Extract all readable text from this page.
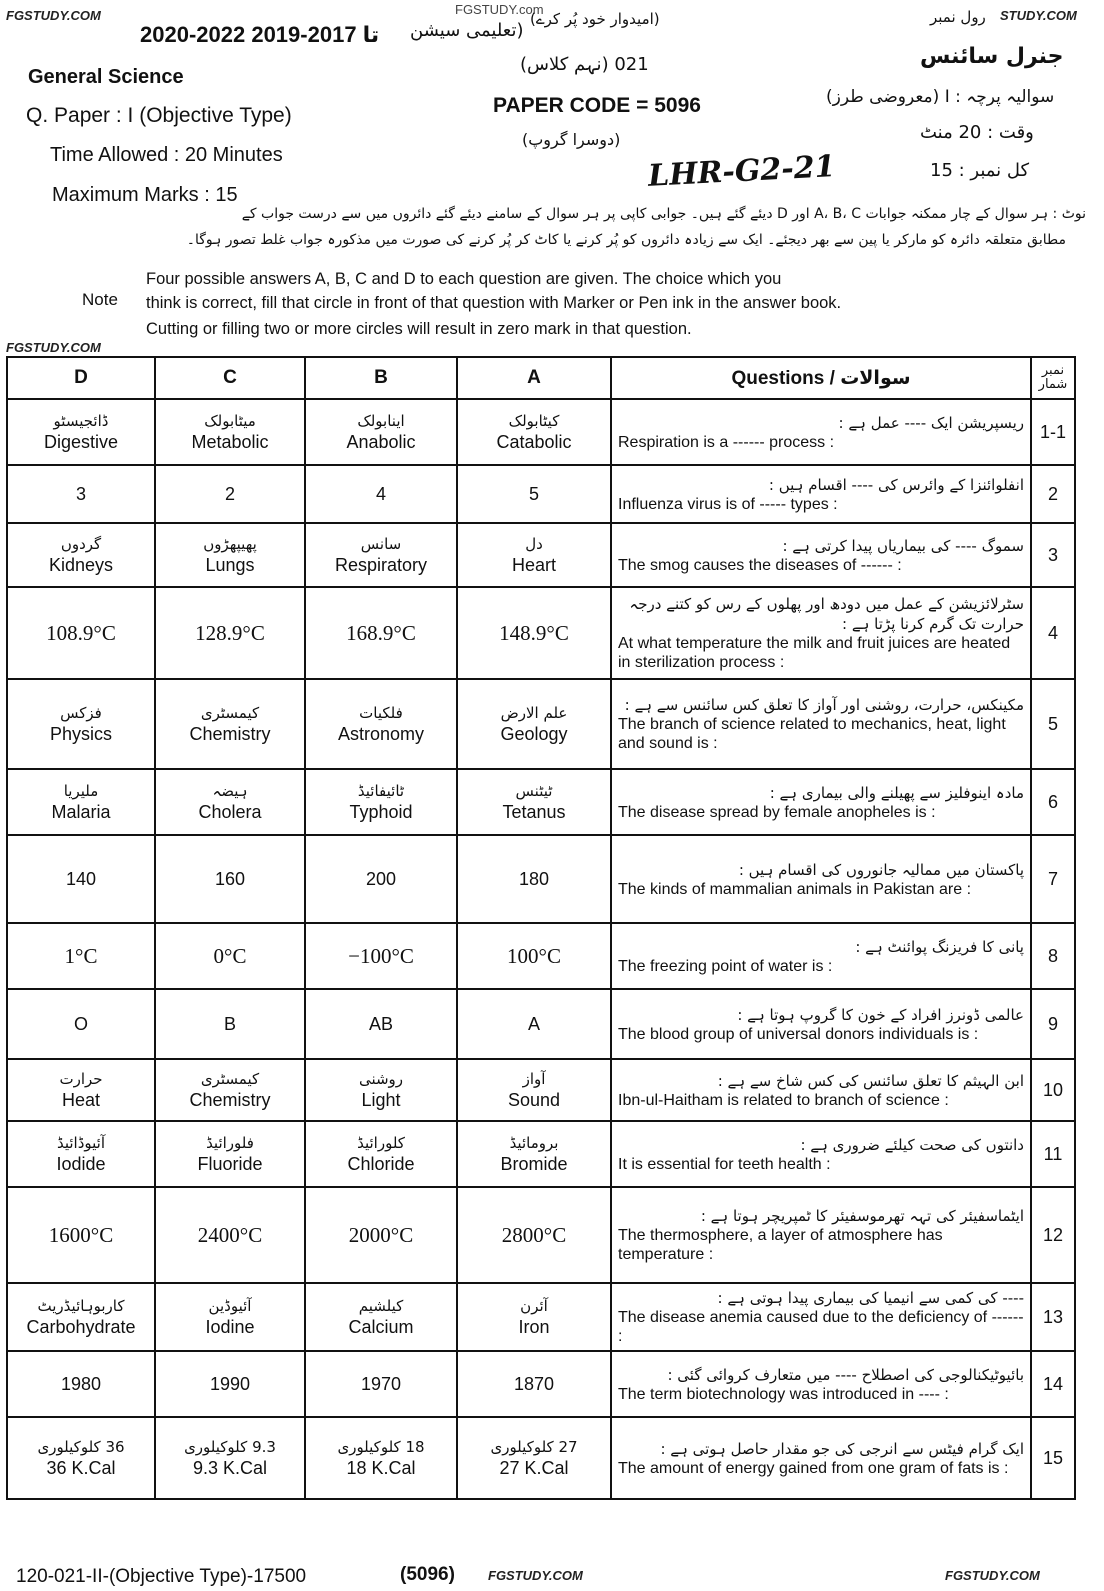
FGSTUDY.COM	FGSTUDY.com	STUDY.COM
FGSTUDY.COM
2020-2022 تا 2017-2019 (تعلیمی سیشن
(امیدوار خود پُر کرے)	رول نمبر
General Science
جنرل سائنس
021 (نہم کلاس)
Q. Paper : I (Objective Type)	PAPER CODE = 5096	سوالیہ پرچہ : I (معروضی طرز)
(دوسرا گروپ)
Time Allowed : 20 Minutes
وقت : 20 منٹ
LHR-G2-21
Maximum Marks : 15
کل نمبر : 15
نوٹ : ہر سوال کے چار ممکنہ جوابات A، B، C اور D دیئے گئے ہیں۔ جوابی کاپی پر ہر سوال کے سامنے دیئے گئے دائروں میں سے درست جواب کے
مطابق متعلقہ دائرہ کو مارکر یا پین سے بھر دیجئے۔ ایک سے زیادہ دائروں کو پُر کرنے یا کاٹ کر پُر کرنے کی صورت میں مذکورہ جواب غلط تصور ہوگا۔
Note
Four possible answers A, B, C and D to each question are given. The choice which you
think is correct, fill that circle in front of that question with Marker or Pen ink in the answer book.
Cutting or filling two or more circles will result in zero mark in that question.
D	C	B	A	Questions / سوالات	نمبر شمار

ڈائجیسٹو
Digestive	میٹابولک
Metabolic	اینابولک
Anabolic	کیٹابولک
Catabolic	ریسپریشن ایک ---- عمل ہے :
Respiration is a ------ process :	1-1

3	2	4	5	انفلوائنزا کے وائرس کی ---- اقسام ہیں :
Influenza virus is of ----- types :	2

گردوں
Kidneys	پھیپھڑوں
Lungs	سانس
Respiratory	دل
Heart	سموگ ---- کی بیماریاں پیدا کرتی ہے :
The smog causes the diseases of ------ :	3

108.9°C	128.9°C	168.9°C	148.9°C	سٹرلائزیشن کے عمل میں دودھ اور پھلوں کے رس کو کتنے درجہ حرارت تک گرم کرنا پڑتا ہے :
At what temperature the milk and fruit juices are heated in sterilization process :	4

فزکس
Physics	کیمسٹری
Chemistry	فلکیات
Astronomy	علم الارض
Geology	مکینکس، حرارت، روشنی اور آواز کا تعلق کس سائنس سے ہے :
The branch of science related to mechanics, heat, light and sound is :	5

ملیریا
Malaria	ہیضہ
Cholera	ٹائیفائیڈ
Typhoid	ٹیٹنس
Tetanus	مادہ اینوفلیز سے پھیلنے والی بیماری ہے :
The disease spread by female anopheles is :	6

140	160	200	180	پاکستان میں ممالیہ جانوروں کی اقسام ہیں :
The kinds of mammalian animals in Pakistan are :	7

1°C	0°C	−100°C	100°C	پانی کا فریزنگ پوائنٹ ہے :
The freezing point of water is :	8

O	B	AB	A	عالمی ڈونرز افراد کے خون کا گروپ ہوتا ہے :
The blood group of universal donors individuals is :	9

حرارت
Heat	کیمسٹری
Chemistry	روشنی
Light	آواز
Sound	ابن الہیثم کا تعلق سائنس کی کس شاخ سے ہے :
Ibn-ul-Haitham is related to branch of science :	10

آئیوڈائیڈ
Iodide	فلورائیڈ
Fluoride	کلورائیڈ
Chloride	برومائیڈ
Bromide	دانتوں کی صحت کیلئے ضروری ہے :
It is essential for teeth health :	11

1600°C	2400°C	2000°C	2800°C	ایٹماسفیئر کی تہہ تھرموسفیئر کا ٹمپریچر ہوتا ہے :
The thermosphere, a layer of atmosphere has temperature :	12

کاربوہائیڈریٹ
Carbohydrate	آئیوڈین
Iodine	کیلشیم
Calcium	آئرن
Iron	---- کی کمی سے انیمیا کی بیماری پیدا ہوتی ہے :
The disease anemia caused due to the deficiency of ------ :	13

1980	1990	1970	1870	بائیوٹیکنالوجی کی اصطلاح ---- میں متعارف کروائی گئی :
The term biotechnology was introduced in ---- :	14

36 کلوکیلوری
36 K.Cal	9.3 کلوکیلوری
9.3 K.Cal	18 کلوکیلوری
18 K.Cal	27 کلوکیلوری
27 K.Cal	ایک گرام فیٹس سے انرجی کی جو مقدار حاصل ہوتی ہے :
The amount of energy gained from one gram of fats is :	15
120-021-II-(Objective Type)-17500	(5096)	FGSTUDY.COM	FGSTUDY.COM
